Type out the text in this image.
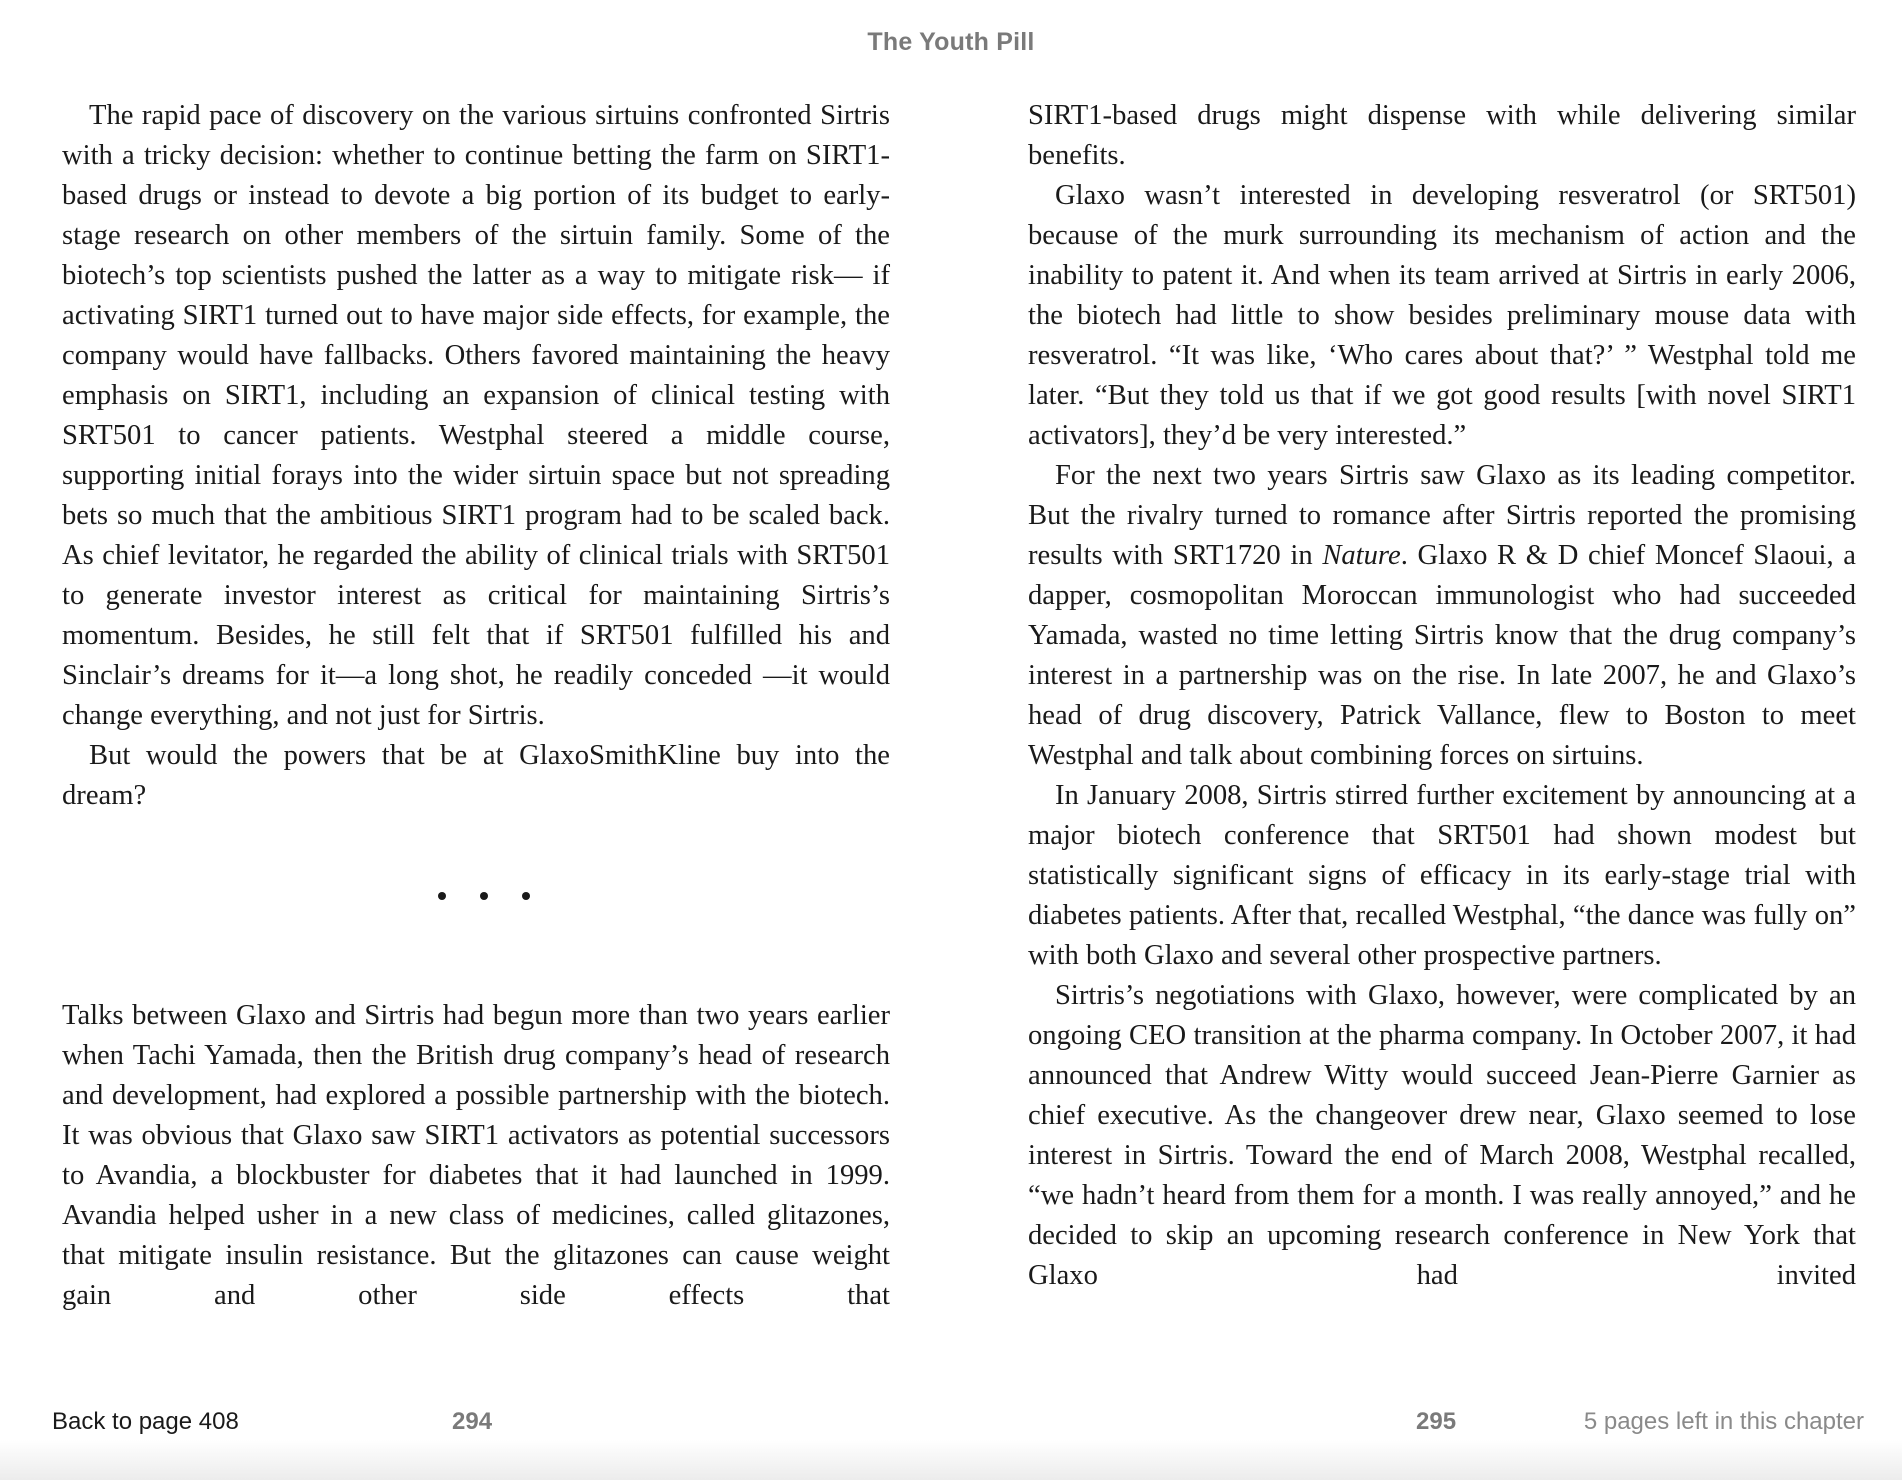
The Youth Pill

The rapid pace of discovery on the various sirtuins confronted Sirtris with a tricky decision: whether to continue betting the farm on SIRT1-based drugs or instead to devote a big portion of its budget to early-stage research on other members of the sirtuin family. Some of the biotech’s top scientists pushed the latter as a way to mitigate risk— if activating SIRT1 turned out to have major side effects, for example, the company would have fallbacks. Others favored maintaining the heavy emphasis on SIRT1, including an expansion of clinical testing with SRT501 to cancer patients. Westphal steered a middle course, supporting initial forays into the wider sirtuin space but not spreading bets so much that the ambitious SIRT1 program had to be scaled back. As chief levitator, he regarded the ability of clinical trials with SRT501 to generate investor interest as critical for maintaining Sirtris’s momentum. Besides, he still felt that if SRT501 fulfilled his and Sinclair’s dreams for it—a long shot, he readily conceded —it would change everything, and not just for Sirtris.

But would the powers that be at GlaxoSmithKline buy into the dream?

Talks between Glaxo and Sirtris had begun more than two years earlier when Tachi Yamada, then the British drug company’s head of research and development, had explored a possible partnership with the biotech. It was obvious that Glaxo saw SIRT1 activators as potential successors to Avandia, a blockbuster for diabetes that it had launched in 1999. Avandia helped usher in a new class of medicines, called glitazones, that mitigate insulin resistance. But the glitazones can cause weight gain and other side effects that

SIRT1-based drugs might dispense with while delivering similar benefits.

Glaxo wasn’t interested in developing resveratrol (or SRT501) because of the murk surrounding its mechanism of action and the inability to patent it. And when its team arrived at Sirtris in early 2006, the biotech had little to show besides preliminary mouse data with resveratrol. “It was like, ‘Who cares about that?’ ” Westphal told me later. “But they told us that if we got good results [with novel SIRT1 activators], they’d be very interested.”

For the next two years Sirtris saw Glaxo as its leading competitor. But the rivalry turned to romance after Sirtris reported the promising results with SRT1720 in Nature. Glaxo R & D chief Moncef Slaoui, a dapper, cosmopolitan Moroccan immunologist who had succeeded Yamada, wasted no time letting Sirtris know that the drug company’s interest in a partnership was on the rise. In late 2007, he and Glaxo’s head of drug discovery, Patrick Vallance, flew to Boston to meet Westphal and talk about combining forces on sirtuins.

In January 2008, Sirtris stirred further excitement by announcing at a major biotech conference that SRT501 had shown modest but statistically significant signs of efficacy in its early-stage trial with diabetes patients. After that, recalled Westphal, “the dance was fully on” with both Glaxo and several other prospective partners.

Sirtris’s negotiations with Glaxo, however, were complicated by an ongoing CEO transition at the pharma company. In October 2007, it had announced that Andrew Witty would succeed Jean-Pierre Garnier as chief executive. As the changeover drew near, Glaxo seemed to lose interest in Sirtris. Toward the end of March 2008, Westphal recalled, “we hadn’t heard from them for a month. I was really annoyed,” and he decided to skip an upcoming research conference in New York that Glaxo had invited

Back to page 408	294	295	5 pages left in this chapter
